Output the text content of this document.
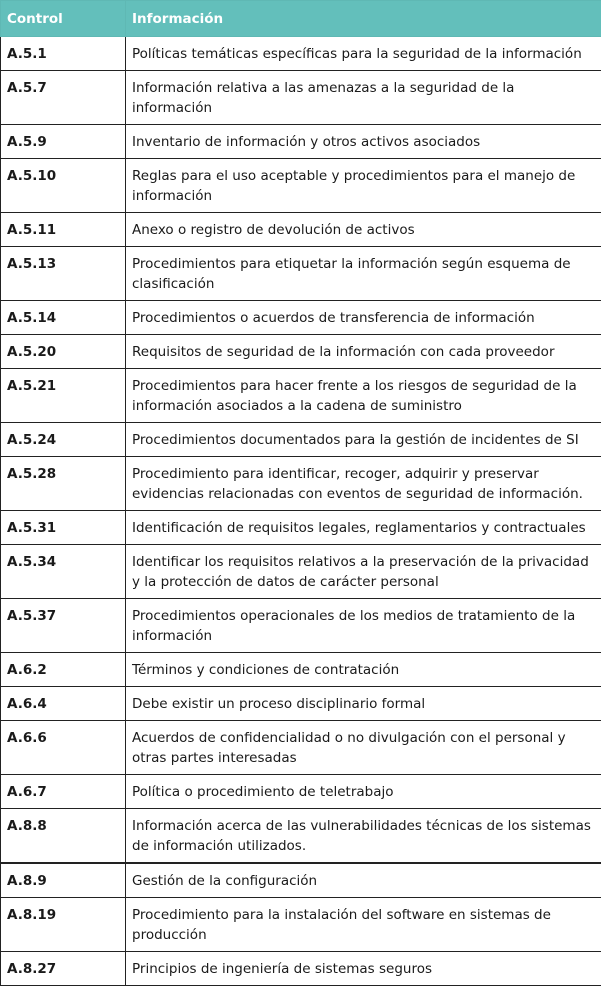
Control	Información
A.5.1	Políticas temáticas específicas para la seguridad de la información
A.5.7	Información relativa a las amenazas a la seguridad de la información
A.5.9	Inventario de información y otros activos asociados
A.5.10	Reglas para el uso aceptable y procedimientos para el manejo de información
A.5.11	Anexo o registro de devolución de activos
A.5.13	Procedimientos para etiquetar la información según esquema de clasificación
A.5.14	Procedimientos o acuerdos de transferencia de información
A.5.20	Requisitos de seguridad de la información con cada proveedor
A.5.21	Procedimientos para hacer frente a los riesgos de seguridad de la información asociados a la cadena de suministro
A.5.24	Procedimientos documentados para la gestión de incidentes de SI
A.5.28	Procedimiento para identificar, recoger, adquirir y preservar evidencias relacionadas con eventos de seguridad de información.
A.5.31	Identificación de requisitos legales, reglamentarios y contractuales
A.5.34	Identificar los requisitos relativos a la preservación de la privacidad y la protección de datos de carácter personal
A.5.37	Procedimientos operacionales de los medios de tratamiento de la información
A.6.2	Términos y condiciones de contratación
A.6.4	Debe existir un proceso disciplinario formal
A.6.6	Acuerdos de confidencialidad o no divulgación con el personal y otras partes interesadas
A.6.7	Política o procedimiento de teletrabajo
A.8.8	Información acerca de las vulnerabilidades técnicas de los sistemas de información utilizados.
A.8.9	Gestión de la configuración
A.8.19	Procedimiento para la instalación del software en sistemas de producción
A.8.27	Principios de ingeniería de sistemas seguros
